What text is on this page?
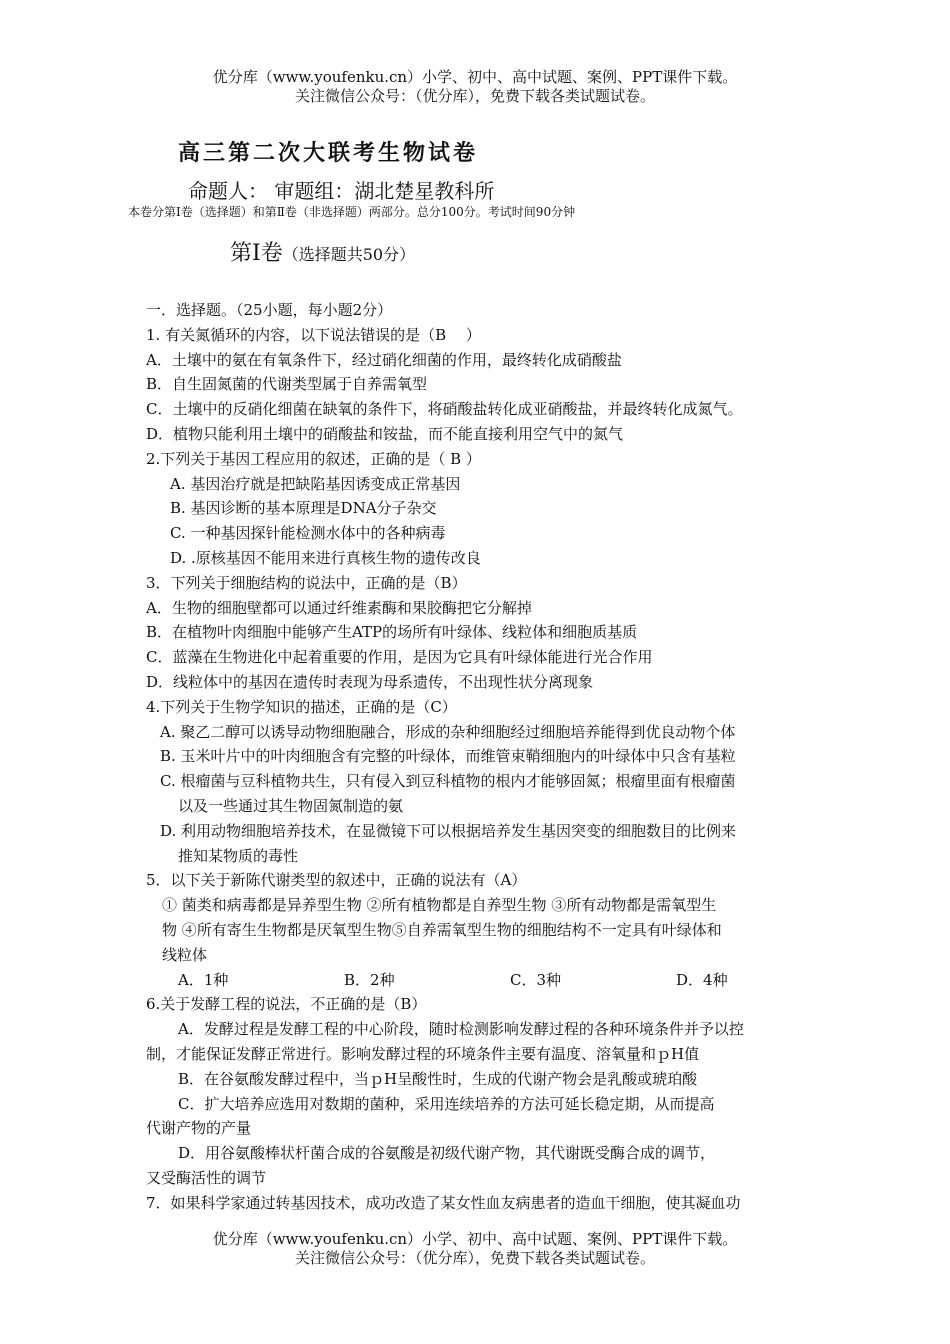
优分库（www.youfenku.cn）小学、初中、高中试题、案例、PPT课件下载。
关注微信公众号：（优分库），免费下载各类试题试卷。
高三第二次大联考生物试卷
命题人： 审题组：湖北楚星教科所
本卷分第Ⅰ卷（选择题）和第Ⅱ卷（非选择题）两部分。总分100分。考试时间90分钟
第Ⅰ卷（选择题共50分）
一．选择题。（25小题，每小题2分）
1. 有关氮循环的内容，以下说法错误的是（B　 ）
A．土壤中的氨在有氧条件下，经过硝化细菌的作用，最终转化成硝酸盐
B．自生固氮菌的代谢类型属于自养需氧型
C．土壤中的反硝化细菌在缺氧的条件下，将硝酸盐转化成亚硝酸盐，并最终转化成氮气。
D．植物只能利用土壤中的硝酸盐和铵盐，而不能直接利用空气中的氮气
2.下列关于基因工程应用的叙述，正确的是（ B ）
A. 基因治疗就是把缺陷基因诱变成正常基因
B. 基因诊断的基本原理是DNA分子杂交
C. 一种基因探针能检测水体中的各种病毒
D. .原核基因不能用来进行真核生物的遗传改良
3．下列关于细胞结构的说法中，正确的是（B）
A．生物的细胞壁都可以通过纤维素酶和果胶酶把它分解掉
B．在植物叶肉细胞中能够产生ATP的场所有叶绿体、线粒体和细胞质基质
C．蓝藻在生物进化中起着重要的作用，是因为它具有叶绿体能进行光合作用
D．线粒体中的基因在遗传时表现为母系遗传，不出现性状分离现象
4.下列关于生物学知识的描述，正确的是（C）
A. 聚乙二醇可以诱导动物细胞融合，形成的杂种细胞经过细胞培养能得到优良动物个体
B. 玉米叶片中的叶肉细胞含有完整的叶绿体，而维管束鞘细胞内的叶绿体中只含有基粒
C. 根瘤菌与豆科植物共生，只有侵入到豆科植物的根内才能够固氮；根瘤里面有根瘤菌
以及一些通过其生物固氮制造的氨
D. 利用动物细胞培养技术，在显微镜下可以根据培养发生基因突变的细胞数目的比例来
推知某物质的毒性
5．以下关于新陈代谢类型的叙述中，正确的说法有（A）
① 菌类和病毒都是异养型生物 ②所有植物都是自养型生物 ③所有动物都是需氧型生
物 ④所有寄生生物都是厌氧型生物⑤自养需氧型生物的细胞结构不一定具有叶绿体和
线粒体
A．1种	B．2种	C．3种	D．4种
6.关于发酵工程的说法，不正确的是（B）
A．发酵过程是发酵工程的中心阶段，随时检测影响发酵过程的各种环境条件并予以控
制，才能保证发酵正常进行。影响发酵过程的环境条件主要有温度、溶氧量和ｐH值
B．在谷氨酸发酵过程中，当ｐH呈酸性时，生成的代谢产物会是乳酸或琥珀酸
C．扩大培养应选用对数期的菌种，采用连续培养的方法可延长稳定期，从而提高
代谢产物的产量
D．用谷氨酸棒状杆菌合成的谷氨酸是初级代谢产物，其代谢既受酶合成的调节，
又受酶活性的调节
7．如果科学家通过转基因技术，成功改造了某女性血友病患者的造血干细胞，使其凝血功
优分库（www.youfenku.cn）小学、初中、高中试题、案例、PPT课件下载。
关注微信公众号：（优分库），免费下载各类试题试卷。
